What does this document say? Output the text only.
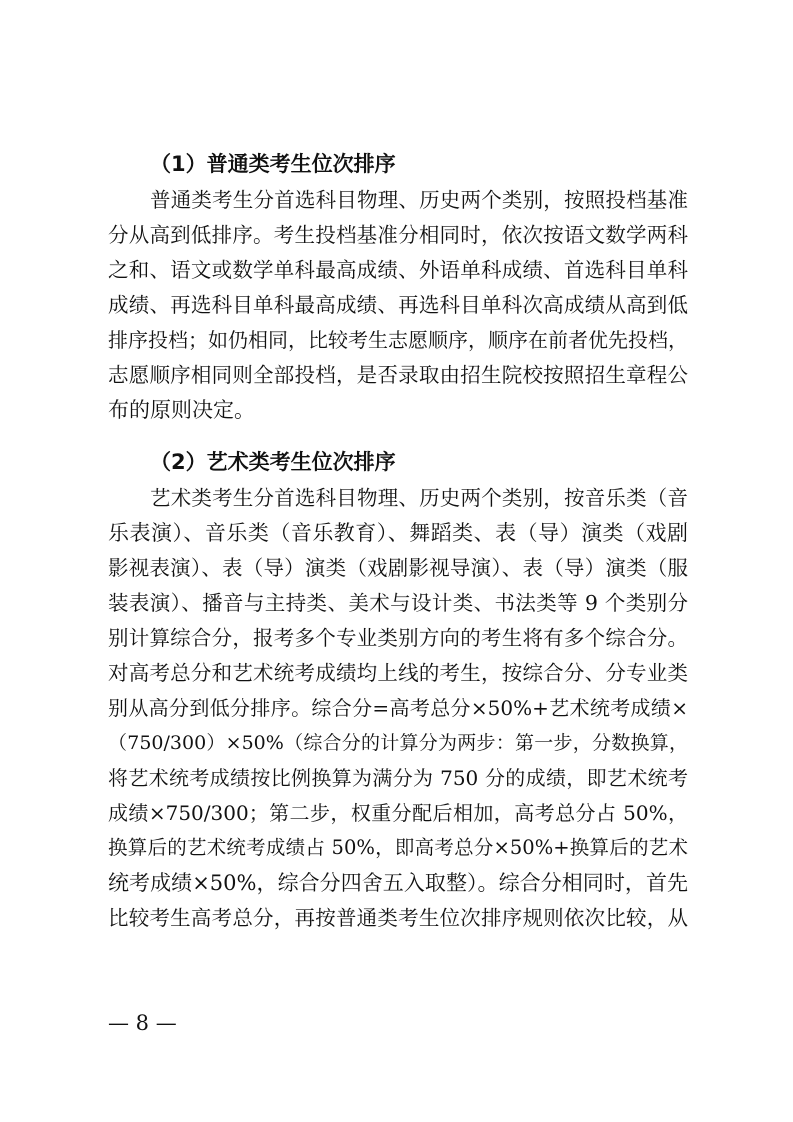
（1）普通类考生位次排序
普通类考生分首选科目物理、历史两个类别，按照投档基准
分从高到低排序。考生投档基准分相同时，依次按语文数学两科
之和、语文或数学单科最高成绩、外语单科成绩、首选科目单科
成绩、再选科目单科最高成绩、再选科目单科次高成绩从高到低
排序投档；如仍相同，比较考生志愿顺序，顺序在前者优先投档，
志愿顺序相同则全部投档，是否录取由招生院校按照招生章程公
布的原则决定。
（2）艺术类考生位次排序
艺术类考生分首选科目物理、历史两个类别，按音乐类（音
乐表演）、音乐类（音乐教育）、舞蹈类、表（导）演类（戏剧
影视表演）、表（导）演类（戏剧影视导演）、表（导）演类（服
装表演）、播音与主持类、美术与设计类、书法类等 9 个类别分
别计算综合分，报考多个专业类别方向的考生将有多个综合分。
对高考总分和艺术统考成绩均上线的考生，按综合分、分专业类
别从高分到低分排序。综合分=高考总分×50%+艺术统考成绩×
（750/300）×50%（综合分的计算分为两步：第一步，分数换算，
将艺术统考成绩按比例换算为满分为 750 分的成绩，即艺术统考
成绩×750/300；第二步，权重分配后相加，高考总分占 50%，
换算后的艺术统考成绩占 50%，即高考总分×50%+换算后的艺术
统考成绩×50%，综合分四舍五入取整）。综合分相同时，首先
比较考生高考总分，再按普通类考生位次排序规则依次比较，从
— 8 —
